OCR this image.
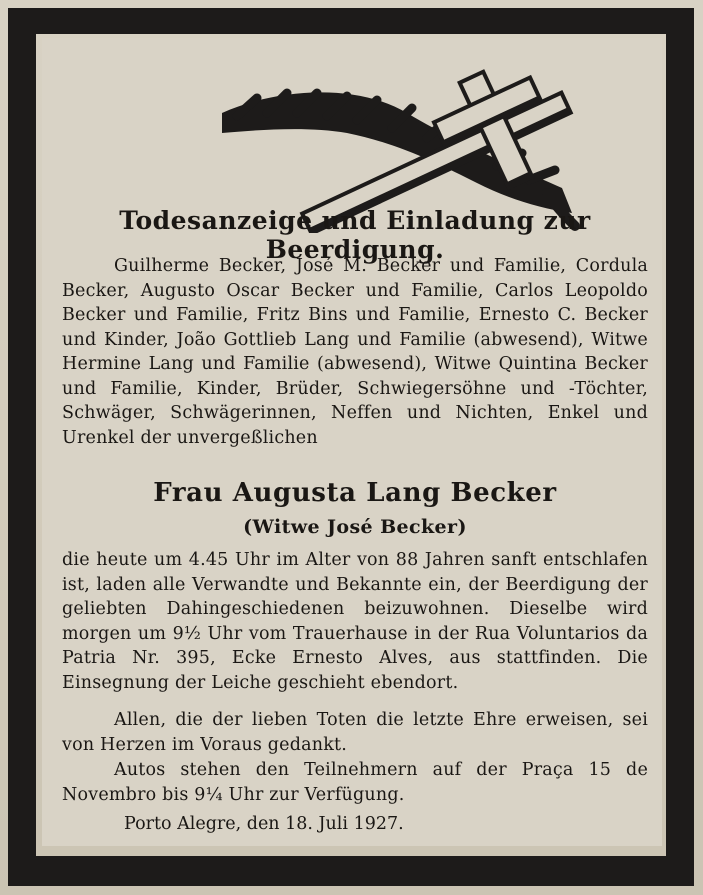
Todesanzeige und Einladung zur Beerdigung.
Guilherme Becker, José M. Becker und Familie, Cordula Becker, Augusto Oscar Becker und Familie, Carlos Leopoldo Becker und Familie, Fritz Bins und Familie, Ernesto C. Becker und Kinder, João Gottlieb Lang und Familie (abwesend), Witwe Hermine Lang und Familie (abwesend), Witwe Quintina Becker und Familie, Kinder, Brüder, Schwiegersöhne und -Töchter, Schwäger, Schwägerinnen, Neffen und Nichten, Enkel und Urenkel der unvergeßlichen
Frau Augusta Lang Becker
(Witwe José Becker)
die heute um 4.45 Uhr im Alter von 88 Jahren sanft entschlafen ist, laden alle Verwandte und Bekannte ein, der Beerdigung der geliebten Dahingeschiedenen beizuwohnen. Dieselbe wird morgen um 9½ Uhr vom Trauerhause in der Rua Voluntarios da Patria Nr. 395, Ecke Ernesto Alves, aus stattfinden. Die Einsegnung der Leiche geschieht ebendort.
Allen, die der lieben Toten die letzte Ehre erweisen, sei von Herzen im Voraus gedankt.
Autos stehen den Teilnehmern auf der Praça 15 de Novembro bis 9¼ Uhr zur Verfügung.
Porto Alegre, den 18. Juli 1927.
